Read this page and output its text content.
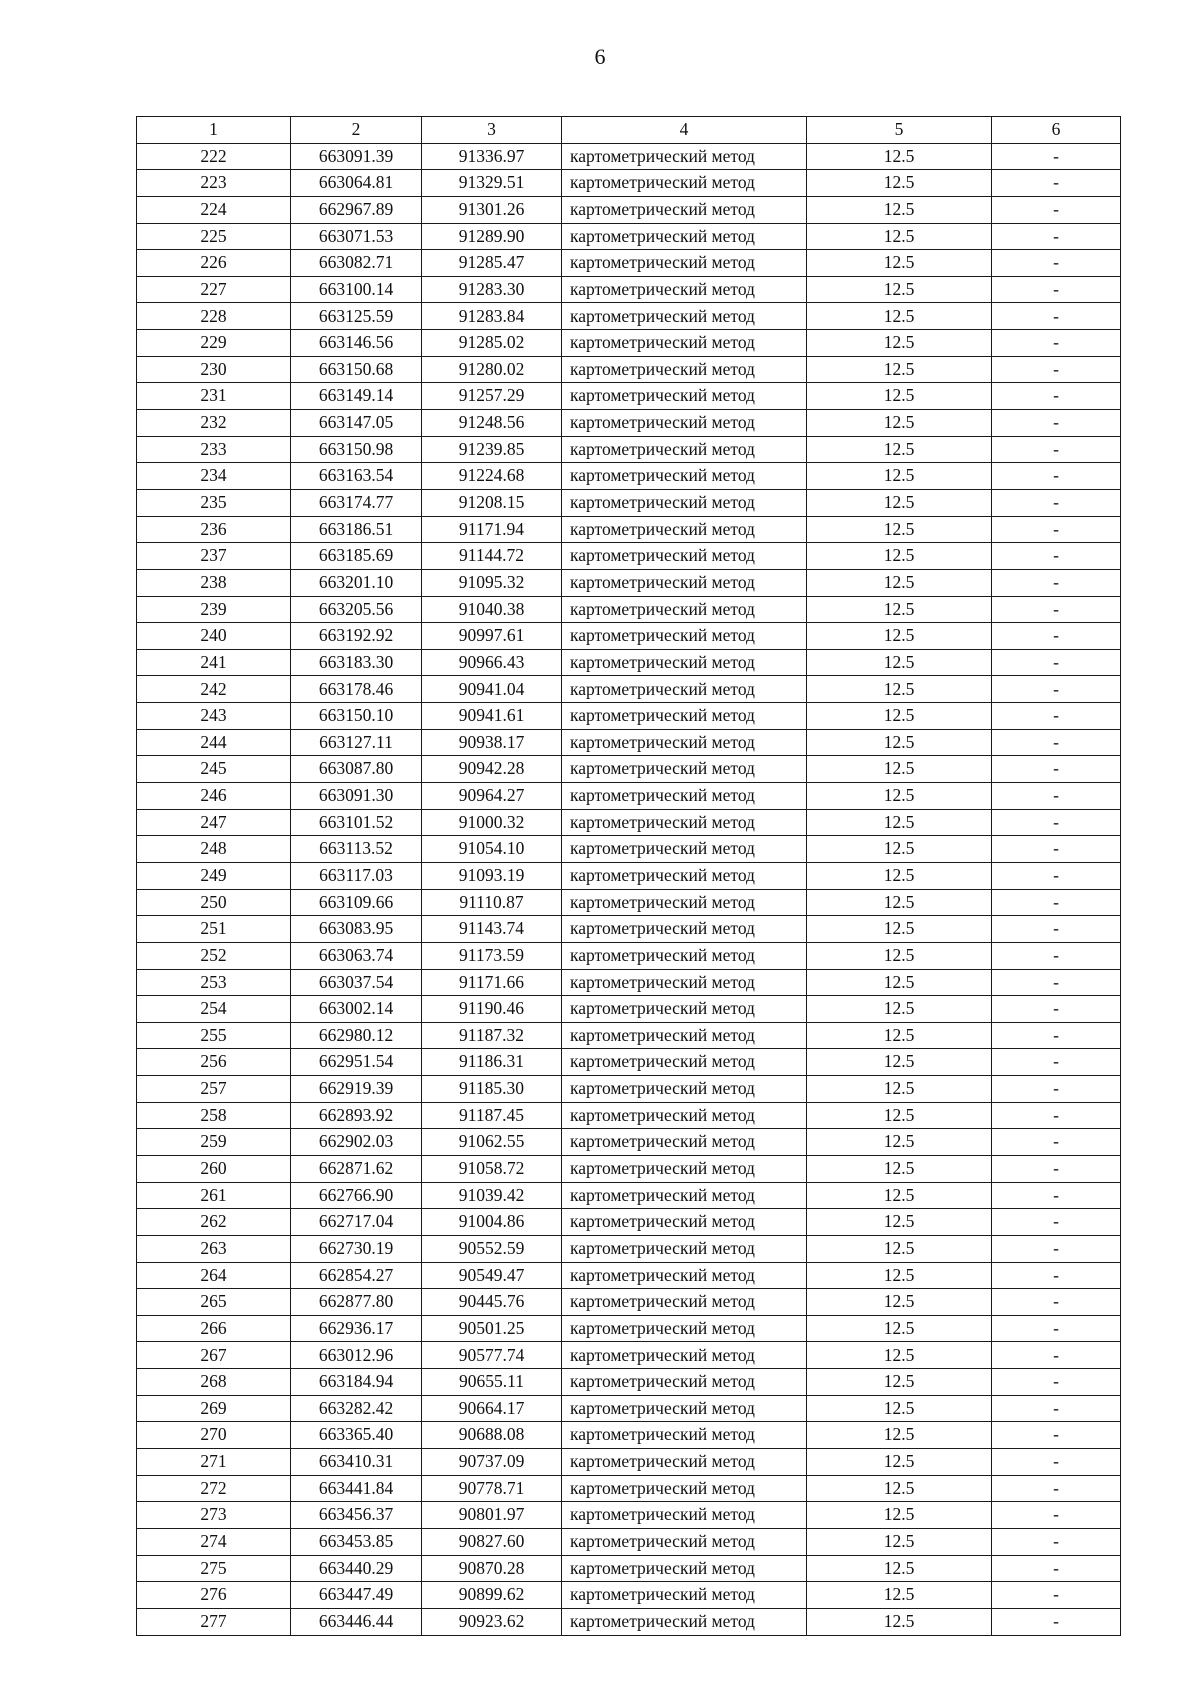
6
1	2	3	4	5	6
222	663091.39	91336.97	картометрический метод	12.5	-
223	663064.81	91329.51	картометрический метод	12.5	-
224	662967.89	91301.26	картометрический метод	12.5	-
225	663071.53	91289.90	картометрический метод	12.5	-
226	663082.71	91285.47	картометрический метод	12.5	-
227	663100.14	91283.30	картометрический метод	12.5	-
228	663125.59	91283.84	картометрический метод	12.5	-
229	663146.56	91285.02	картометрический метод	12.5	-
230	663150.68	91280.02	картометрический метод	12.5	-
231	663149.14	91257.29	картометрический метод	12.5	-
232	663147.05	91248.56	картометрический метод	12.5	-
233	663150.98	91239.85	картометрический метод	12.5	-
234	663163.54	91224.68	картометрический метод	12.5	-
235	663174.77	91208.15	картометрический метод	12.5	-
236	663186.51	91171.94	картометрический метод	12.5	-
237	663185.69	91144.72	картометрический метод	12.5	-
238	663201.10	91095.32	картометрический метод	12.5	-
239	663205.56	91040.38	картометрический метод	12.5	-
240	663192.92	90997.61	картометрический метод	12.5	-
241	663183.30	90966.43	картометрический метод	12.5	-
242	663178.46	90941.04	картометрический метод	12.5	-
243	663150.10	90941.61	картометрический метод	12.5	-
244	663127.11	90938.17	картометрический метод	12.5	-
245	663087.80	90942.28	картометрический метод	12.5	-
246	663091.30	90964.27	картометрический метод	12.5	-
247	663101.52	91000.32	картометрический метод	12.5	-
248	663113.52	91054.10	картометрический метод	12.5	-
249	663117.03	91093.19	картометрический метод	12.5	-
250	663109.66	91110.87	картометрический метод	12.5	-
251	663083.95	91143.74	картометрический метод	12.5	-
252	663063.74	91173.59	картометрический метод	12.5	-
253	663037.54	91171.66	картометрический метод	12.5	-
254	663002.14	91190.46	картометрический метод	12.5	-
255	662980.12	91187.32	картометрический метод	12.5	-
256	662951.54	91186.31	картометрический метод	12.5	-
257	662919.39	91185.30	картометрический метод	12.5	-
258	662893.92	91187.45	картометрический метод	12.5	-
259	662902.03	91062.55	картометрический метод	12.5	-
260	662871.62	91058.72	картометрический метод	12.5	-
261	662766.90	91039.42	картометрический метод	12.5	-
262	662717.04	91004.86	картометрический метод	12.5	-
263	662730.19	90552.59	картометрический метод	12.5	-
264	662854.27	90549.47	картометрический метод	12.5	-
265	662877.80	90445.76	картометрический метод	12.5	-
266	662936.17	90501.25	картометрический метод	12.5	-
267	663012.96	90577.74	картометрический метод	12.5	-
268	663184.94	90655.11	картометрический метод	12.5	-
269	663282.42	90664.17	картометрический метод	12.5	-
270	663365.40	90688.08	картометрический метод	12.5	-
271	663410.31	90737.09	картометрический метод	12.5	-
272	663441.84	90778.71	картометрический метод	12.5	-
273	663456.37	90801.97	картометрический метод	12.5	-
274	663453.85	90827.60	картометрический метод	12.5	-
275	663440.29	90870.28	картометрический метод	12.5	-
276	663447.49	90899.62	картометрический метод	12.5	-
277	663446.44	90923.62	картометрический метод	12.5	-
